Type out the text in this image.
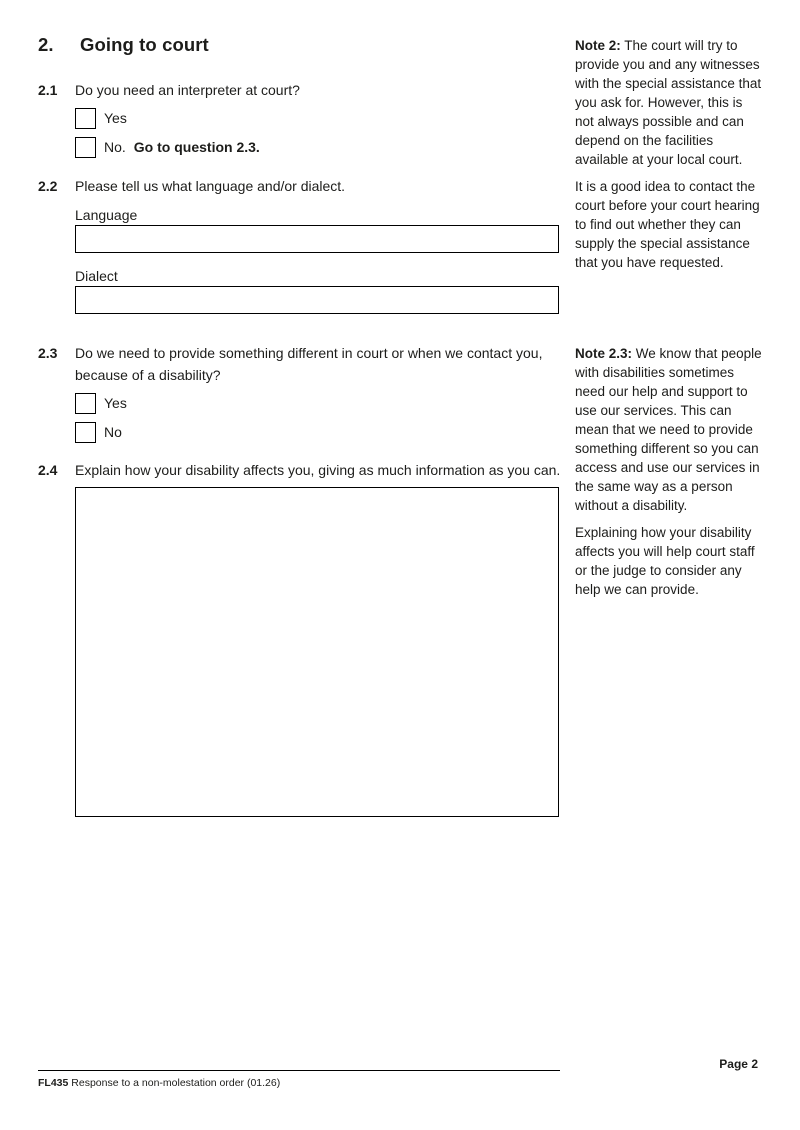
2. Going to court
2.1	Do you need an interpreter at court?
Yes
No. Go to question 2.3.
2.2	Please tell us what language and/or dialect.
Language
Dialect
2.3	Do we need to provide something different in court or when we contact you, because of a disability?
Yes
No
2.4	Explain how your disability affects you, giving as much information as you can.

Note 2: The court will try to provide you and any witnesses with the special assistance that you ask for. However, this is not always possible and can depend on the facilities available at your local court.

It is a good idea to contact the court before your court hearing to find out whether they can supply the special assistance that you have requested.

Note 2.3: We know that people with disabilities sometimes need our help and support to use our services. This can mean that we need to provide something different so you can access and use our services in the same way as a person without a disability.

Explaining how your disability affects you will help court staff or the judge to consider any help we can provide.

FL435 Response to a non-molestation order (01.26)
Page 2
